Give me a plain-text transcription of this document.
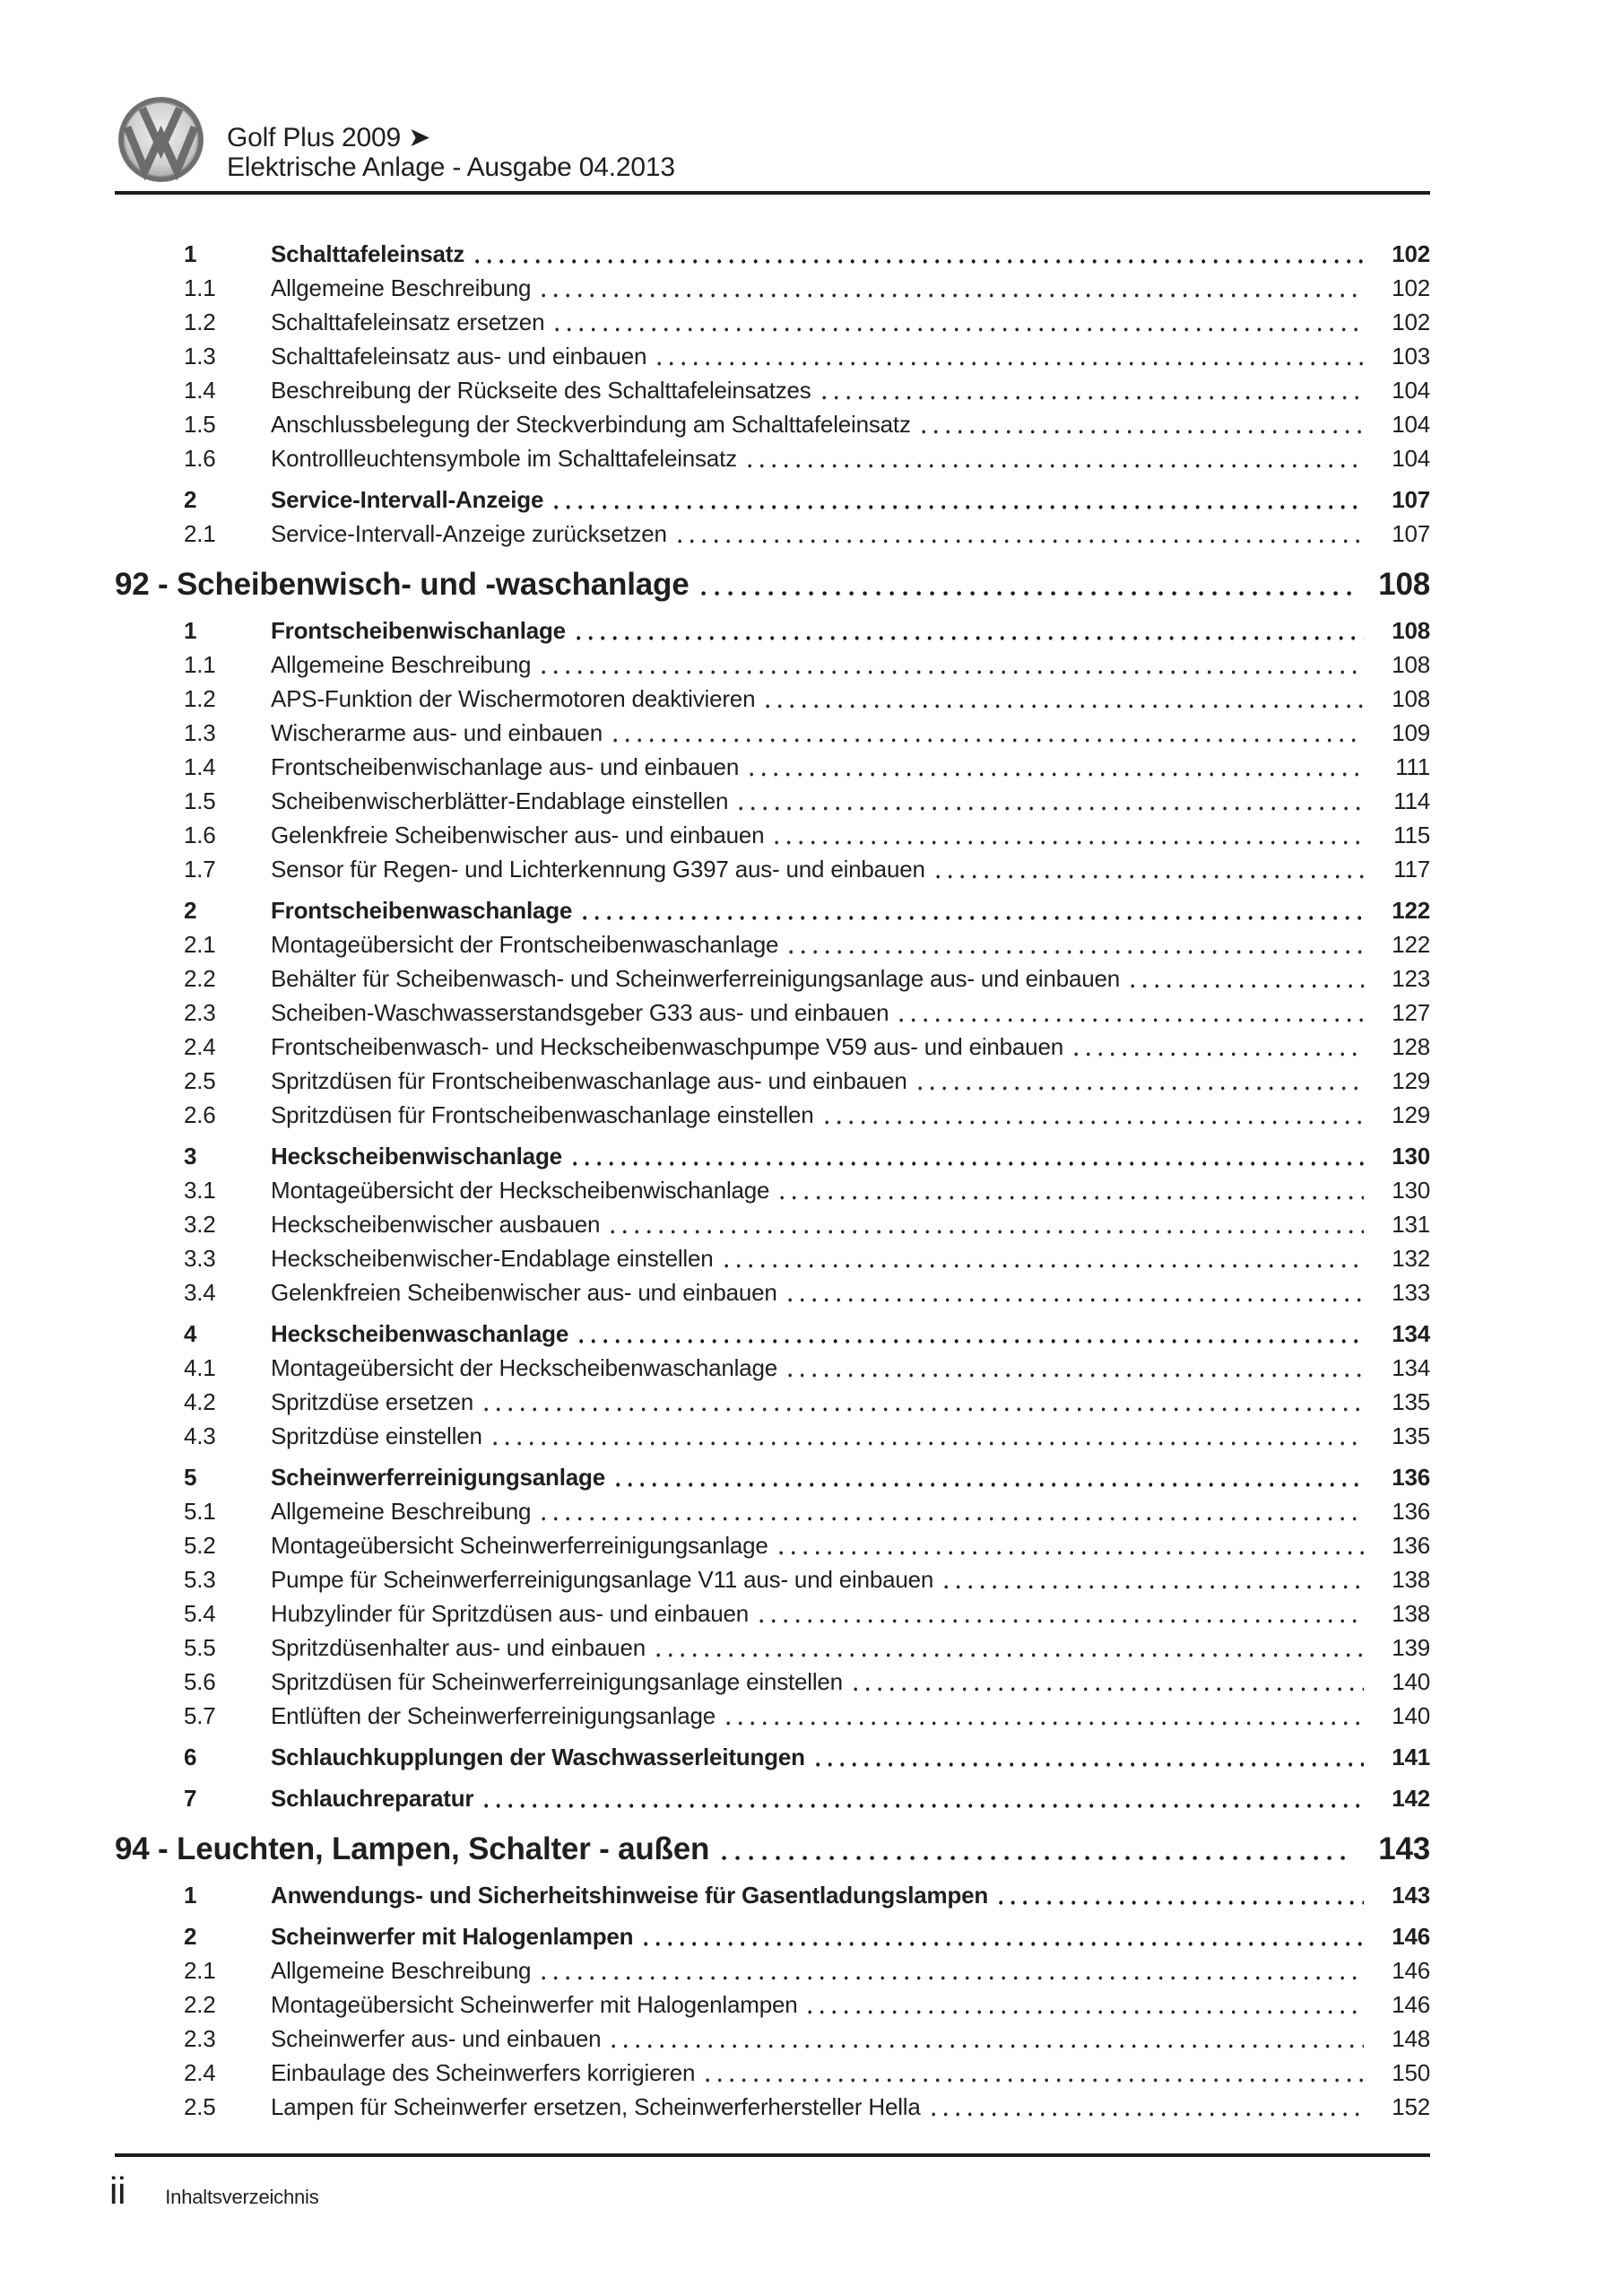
Golf Plus 2009 ➤
Elektrische Anlage - Ausgabe 04.2013
1	Schalttafeleinsatz	102
1.1	Allgemeine Beschreibung	102
1.2	Schalttafeleinsatz ersetzen	102
1.3	Schalttafeleinsatz aus- und einbauen	103
1.4	Beschreibung der Rückseite des Schalttafeleinsatzes	104
1.5	Anschlussbelegung der Steckverbindung am Schalttafeleinsatz	104
1.6	Kontrollleuchtensymbole im Schalttafeleinsatz	104
2	Service-Intervall-Anzeige	107
2.1	Service-Intervall-Anzeige zurücksetzen	107
92 - Scheibenwisch- und -waschanlage	108
1	Frontscheibenwischanlage	108
1.1	Allgemeine Beschreibung	108
1.2	APS-Funktion der Wischermotoren deaktivieren	108
1.3	Wischerarme aus- und einbauen	109
1.4	Frontscheibenwischanlage aus- und einbauen	111
1.5	Scheibenwischerblätter-Endablage einstellen	114
1.6	Gelenkfreie Scheibenwischer aus- und einbauen	115
1.7	Sensor für Regen- und Lichterkennung G397 aus- und einbauen	117
2	Frontscheibenwaschanlage	122
2.1	Montageübersicht der Frontscheibenwaschanlage	122
2.2	Behälter für Scheibenwasch- und Scheinwerferreinigungsanlage aus- und einbauen	123
2.3	Scheiben-Waschwasserstandsgeber G33 aus- und einbauen	127
2.4	Frontscheibenwasch- und Heckscheibenwaschpumpe V59 aus- und einbauen	128
2.5	Spritzdüsen für Frontscheibenwaschanlage aus- und einbauen	129
2.6	Spritzdüsen für Frontscheibenwaschanlage einstellen	129
3	Heckscheibenwischanlage	130
3.1	Montageübersicht der Heckscheibenwischanlage	130
3.2	Heckscheibenwischer ausbauen	131
3.3	Heckscheibenwischer-Endablage einstellen	132
3.4	Gelenkfreien Scheibenwischer aus- und einbauen	133
4	Heckscheibenwaschanlage	134
4.1	Montageübersicht der Heckscheibenwaschanlage	134
4.2	Spritzdüse ersetzen	135
4.3	Spritzdüse einstellen	135
5	Scheinwerferreinigungsanlage	136
5.1	Allgemeine Beschreibung	136
5.2	Montageübersicht Scheinwerferreinigungsanlage	136
5.3	Pumpe für Scheinwerferreinigungsanlage V11 aus- und einbauen	138
5.4	Hubzylinder für Spritzdüsen aus- und einbauen	138
5.5	Spritzdüsenhalter aus- und einbauen	139
5.6	Spritzdüsen für Scheinwerferreinigungsanlage einstellen	140
5.7	Entlüften der Scheinwerferreinigungsanlage	140
6	Schlauchkupplungen der Waschwasserleitungen	141
7	Schlauchreparatur	142
94 - Leuchten, Lampen, Schalter - außen	143
1	Anwendungs- und Sicherheitshinweise für Gasentladungslampen	143
2	Scheinwerfer mit Halogenlampen	146
2.1	Allgemeine Beschreibung	146
2.2	Montageübersicht Scheinwerfer mit Halogenlampen	146
2.3	Scheinwerfer aus- und einbauen	148
2.4	Einbaulage des Scheinwerfers korrigieren	150
2.5	Lampen für Scheinwerfer ersetzen, Scheinwerferhersteller Hella	152
ii Inhaltsverzeichnis
